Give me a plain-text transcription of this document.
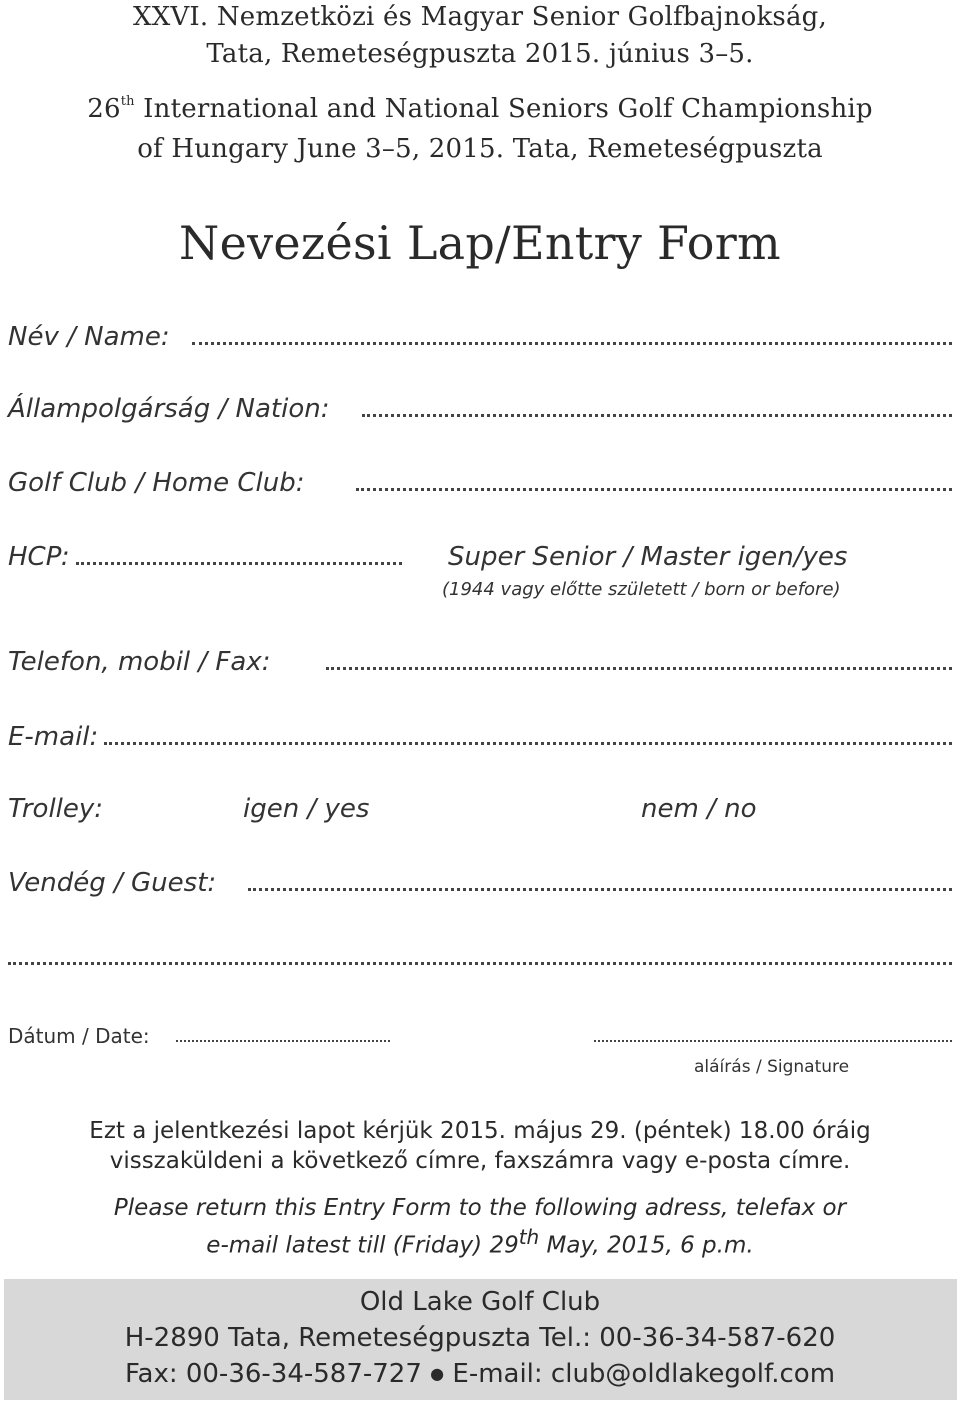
XXVI. Nemzetközi és Magyar Senior Golfbajnokság,
Tata, Remeteségpuszta 2015. június 3–5.
26th International and National Seniors Golf Championship
of Hungary June 3–5, 2015. Tata, Remeteségpuszta
Nevezési Lap/Entry Form
Név / Name:
Állampolgárság / Nation:
Golf Club / Home Club:
HCP:	Super Senior / Master igen/yes
(1944 vagy előtte született / born or before)
Telefon, mobil / Fax:
E-mail:
Trolley:	igen / yes	nem / no
Vendég / Guest:
Dátum / Date:
aláírás / Signature
Ezt a jelentkezési lapot kérjük 2015. május 29. (péntek) 18.00 óráig
visszaküldeni a következő címre, faxszámra vagy e-posta címre.
Please return this Entry Form to the following adress, telefax or
e-mail latest till (Friday) 29th May, 2015, 6 p.m.
Old Lake Golf Club
H-2890 Tata, Remeteségpuszta Tel.: 00-36-34-587-620
Fax: 00-36-34-587-727 ● E-mail: club@oldlakegolf.com
